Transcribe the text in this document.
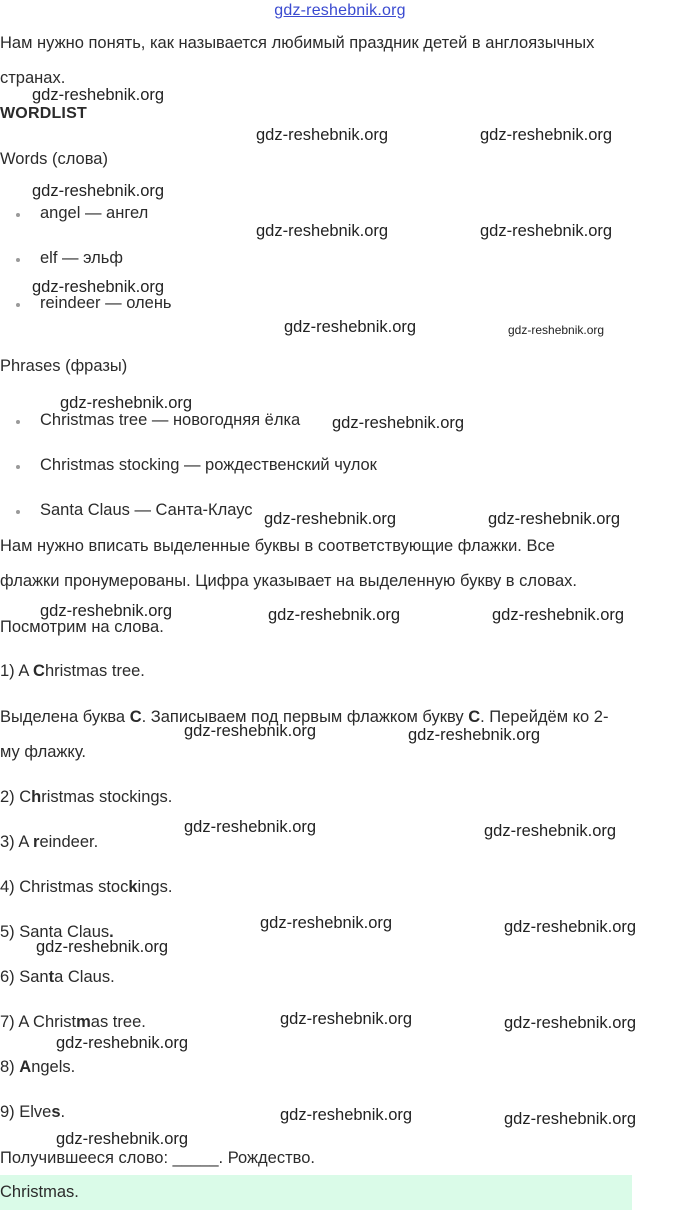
gdz-reshebnik.org
Нам нужно понять, как называется любимый праздник детей в англоязычных
странах.
WORDLIST
Words (слова)
angel — ангел
elf — эльф
reindeer — олень
Phrases (фразы)
Christmas tree — новогодняя ёлка
Christmas stocking — рождественский чулок
Santa Claus — Санта-Клаус
Нам нужно вписать выделенные буквы в соответствующие флажки. Все
флажки пронумерованы. Цифра указывает на выделенную букву в словах.
Посмотрим на слова.
1) A Christmas tree.
Выделена буква C. Записываем под первым флажком букву C. Перейдём ко 2-
му флажку.
2) Christmas stockings.
3) A reindeer.
4) Christmas stockings.
5) Santa Claus.
6) Santa Claus.
7) A Christmas tree.
8) Angels.
9) Elves.
Получившееся слово: _____. Рождество.
Christmas.
gdz-reshebnik.org
gdz-reshebnik.org	gdz-reshebnik.org
gdz-reshebnik.org
gdz-reshebnik.org	gdz-reshebnik.org
gdz-reshebnik.org
gdz-reshebnik.org	gdz-reshebnik.org
gdz-reshebnik.org
gdz-reshebnik.org
gdz-reshebnik.org	gdz-reshebnik.org
gdz-reshebnik.org	gdz-reshebnik.org	gdz-reshebnik.org
gdz-reshebnik.org	gdz-reshebnik.org
gdz-reshebnik.org	gdz-reshebnik.org
gdz-reshebnik.org	gdz-reshebnik.org
gdz-reshebnik.org
gdz-reshebnik.org	gdz-reshebnik.org
gdz-reshebnik.org
gdz-reshebnik.org	gdz-reshebnik.org
gdz-reshebnik.org
